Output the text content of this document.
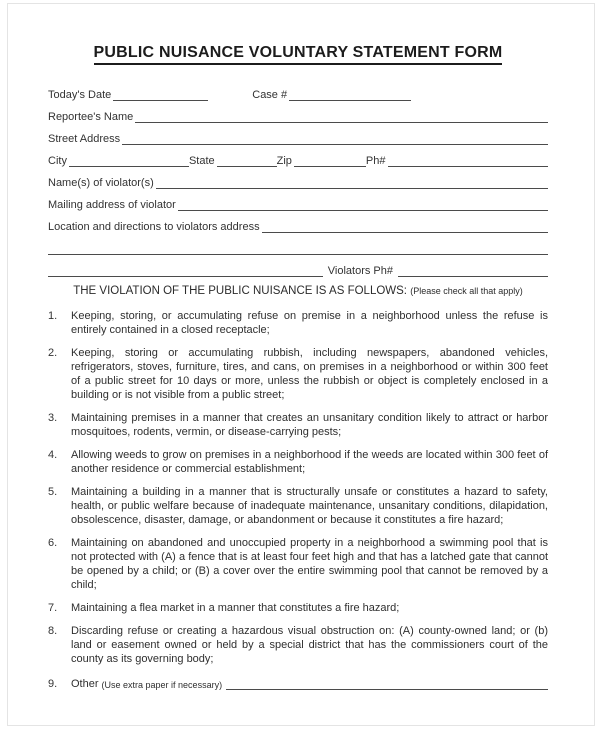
PUBLIC NUISANCE VOLUNTARY STATEMENT FORM
Today's Date	Case #
Reportee's Name
Street Address
City	State	Zip	Ph#
Name(s) of violator(s)
Mailing address of violator
Location and directions to violators address
Violators Ph#
THE VIOLATION OF THE PUBLIC NUISANCE IS AS FOLLOWS: (Please check all that apply)
1.	Keeping, storing, or accumulating refuse on premise in a neighborhood unless the refuse is entirely contained in a closed receptacle;
2.	Keeping, storing or accumulating rubbish, including newspapers, abandoned vehicles, refrigerators, stoves, furniture, tires, and cans, on premises in a neighborhood or within 300 feet of a public street for 10 days or more, unless the rubbish or object is completely enclosed in a building or is not visible from a public street;
3.	Maintaining premises in a manner that creates an unsanitary condition likely to attract or harbor mosquitoes, rodents, vermin, or disease-carrying pests;
4.	Allowing weeds to grow on premises in a neighborhood if the weeds are located within 300 feet of another residence or commercial establishment;
5.	Maintaining a building in a manner that is structurally unsafe or constitutes a hazard to safety, health, or public welfare because of inadequate maintenance, unsanitary conditions, dilapidation, obsolescence, disaster, damage, or abandonment or because it constitutes a fire hazard;
6.	Maintaining on abandoned and unoccupied property in a neighborhood a swimming pool that is not protected with (A) a fence that is at least four feet high and that has a latched gate that cannot be opened by a child; or (B) a cover over the entire swimming pool that cannot be removed by a child;
7.	Maintaining a flea market in a manner that constitutes a fire hazard;
8.	Discarding refuse or creating a hazardous visual obstruction on: (A) county-owned land; or (b) land or easement owned or held by a special district that has the commissioners court of the county as its governing body;
9.	Other (Use extra paper if necessary)
